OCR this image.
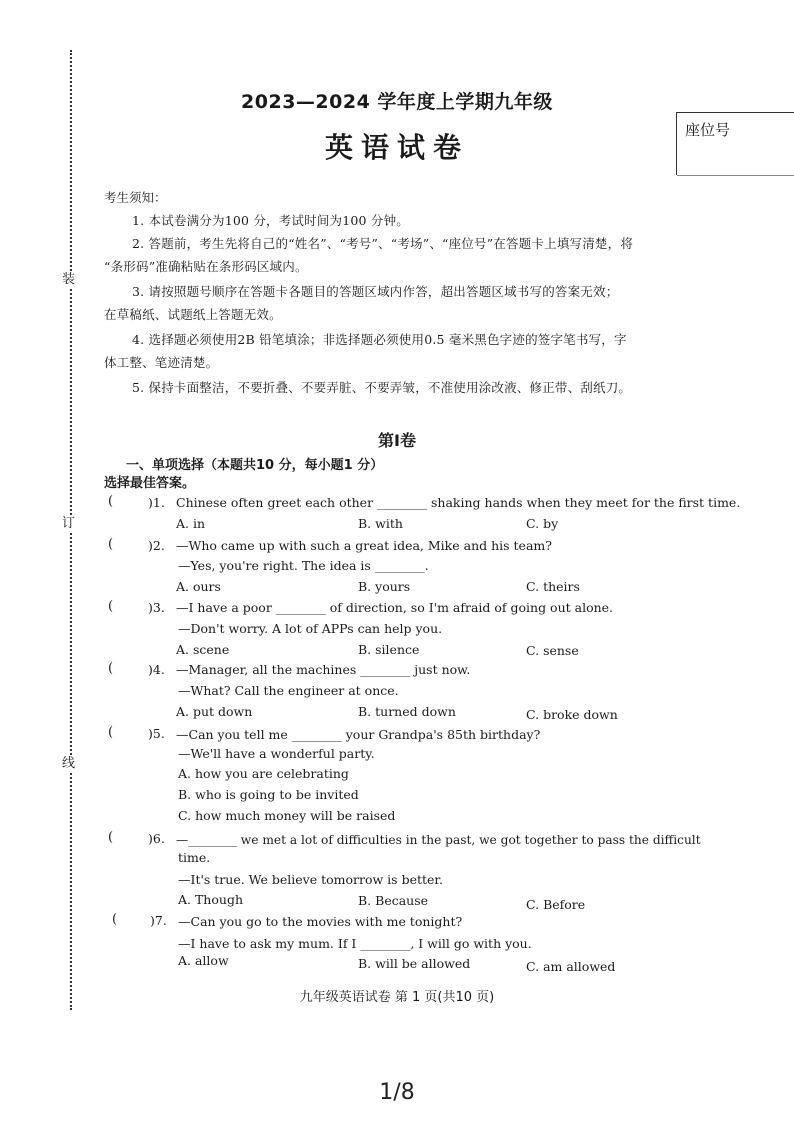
装
订
线
2023—2024 学年度上学期九年级
英语试卷
座位号
考生须知：
1. 本试卷满分为100 分，考试时间为100 分钟。
2. 答题前，考生先将自己的“姓名”、“考号”、“考场”、“座位号”在答题卡上填写清楚，将
“条形码”准确粘贴在条形码区域内。
3. 请按照题号顺序在答题卡各题目的答题区域内作答，超出答题区域书写的答案无效；
在草稿纸、试题纸上答题无效。
4. 选择题必须使用2B 铅笔填涂；非选择题必须使用0.5 毫米黑色字迹的签字笔书写，字
体工整、笔迹清楚。
5. 保持卡面整洁，不要折叠、不要弄脏、不要弄皱，不准使用涂改液、修正带、刮纸刀。
第Ⅰ卷
一、单项选择（本题共10 分，每小题1 分）
选择最佳答案。
(	)1. Chinese often greet each other ________ shaking hands when they meet for the first time.
A. in	B. with	C. by
(	)2. —Who came up with such a great idea, Mike and his team?
—Yes, you're right. The idea is ________.
A. ours	B. yours	C. theirs
(	)3. —I have a poor ________ of direction, so I'm afraid of going out alone.
—Don't worry. A lot of APPs can help you.
A. scene	B. silence	C. sense
(	)4. —Manager, all the machines ________ just now.
—What? Call the engineer at once.
A. put down	B. turned down	C. broke down
(	)5. —Can you tell me ________ your Grandpa's 85th birthday?
—We'll have a wonderful party.
A. how you are celebrating
B. who is going to be invited
C. how much money will be raised
(	)6. —________ we met a lot of difficulties in the past, we got together to pass the difficult
time.
—It's true. We believe tomorrow is better.
A. Though	B. Because	C. Before
(	)7. —Can you go to the movies with me tonight?
—I have to ask my mum. If I ________, I will go with you.
A. allow	B. will be allowed	C. am allowed
九年级英语试卷 第 1 页(共10 页)
1/8
